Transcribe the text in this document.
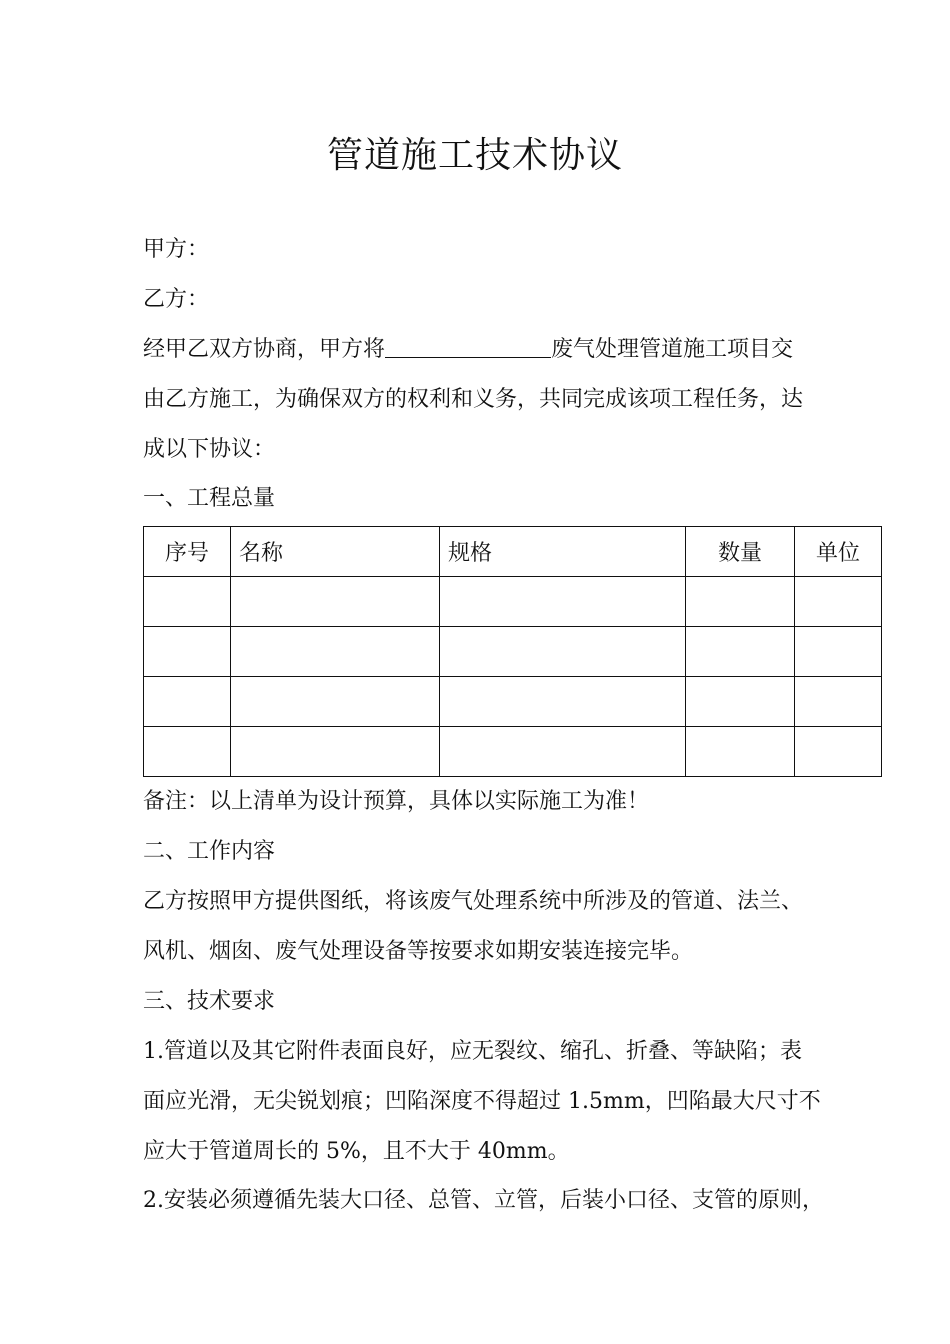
管道施工技术协议
甲方：
乙方：
经甲乙双方协商，甲方将	废气处理管道施工项目交
由乙方施工，为确保双方的权利和义务，共同完成该项工程任务，达
成以下协议：
一、工程总量
序号	名称	规格	数量	单位

备注：以上清单为设计预算，具体以实际施工为准！
二、工作内容
乙方按照甲方提供图纸，将该废气处理系统中所涉及的管道、法兰、
风机、烟囱、废气处理设备等按要求如期安装连接完毕。
三、技术要求
1.管道以及其它附件表面良好，应无裂纹、缩孔、折叠、等缺陷；表
面应光滑，无尖锐划痕；凹陷深度不得超过 1.5mm，凹陷最大尺寸不
应大于管道周长的 5%，且不大于 40mm。
2.安装必须遵循先装大口径、总管、立管，后装小口径、支管的原则，
